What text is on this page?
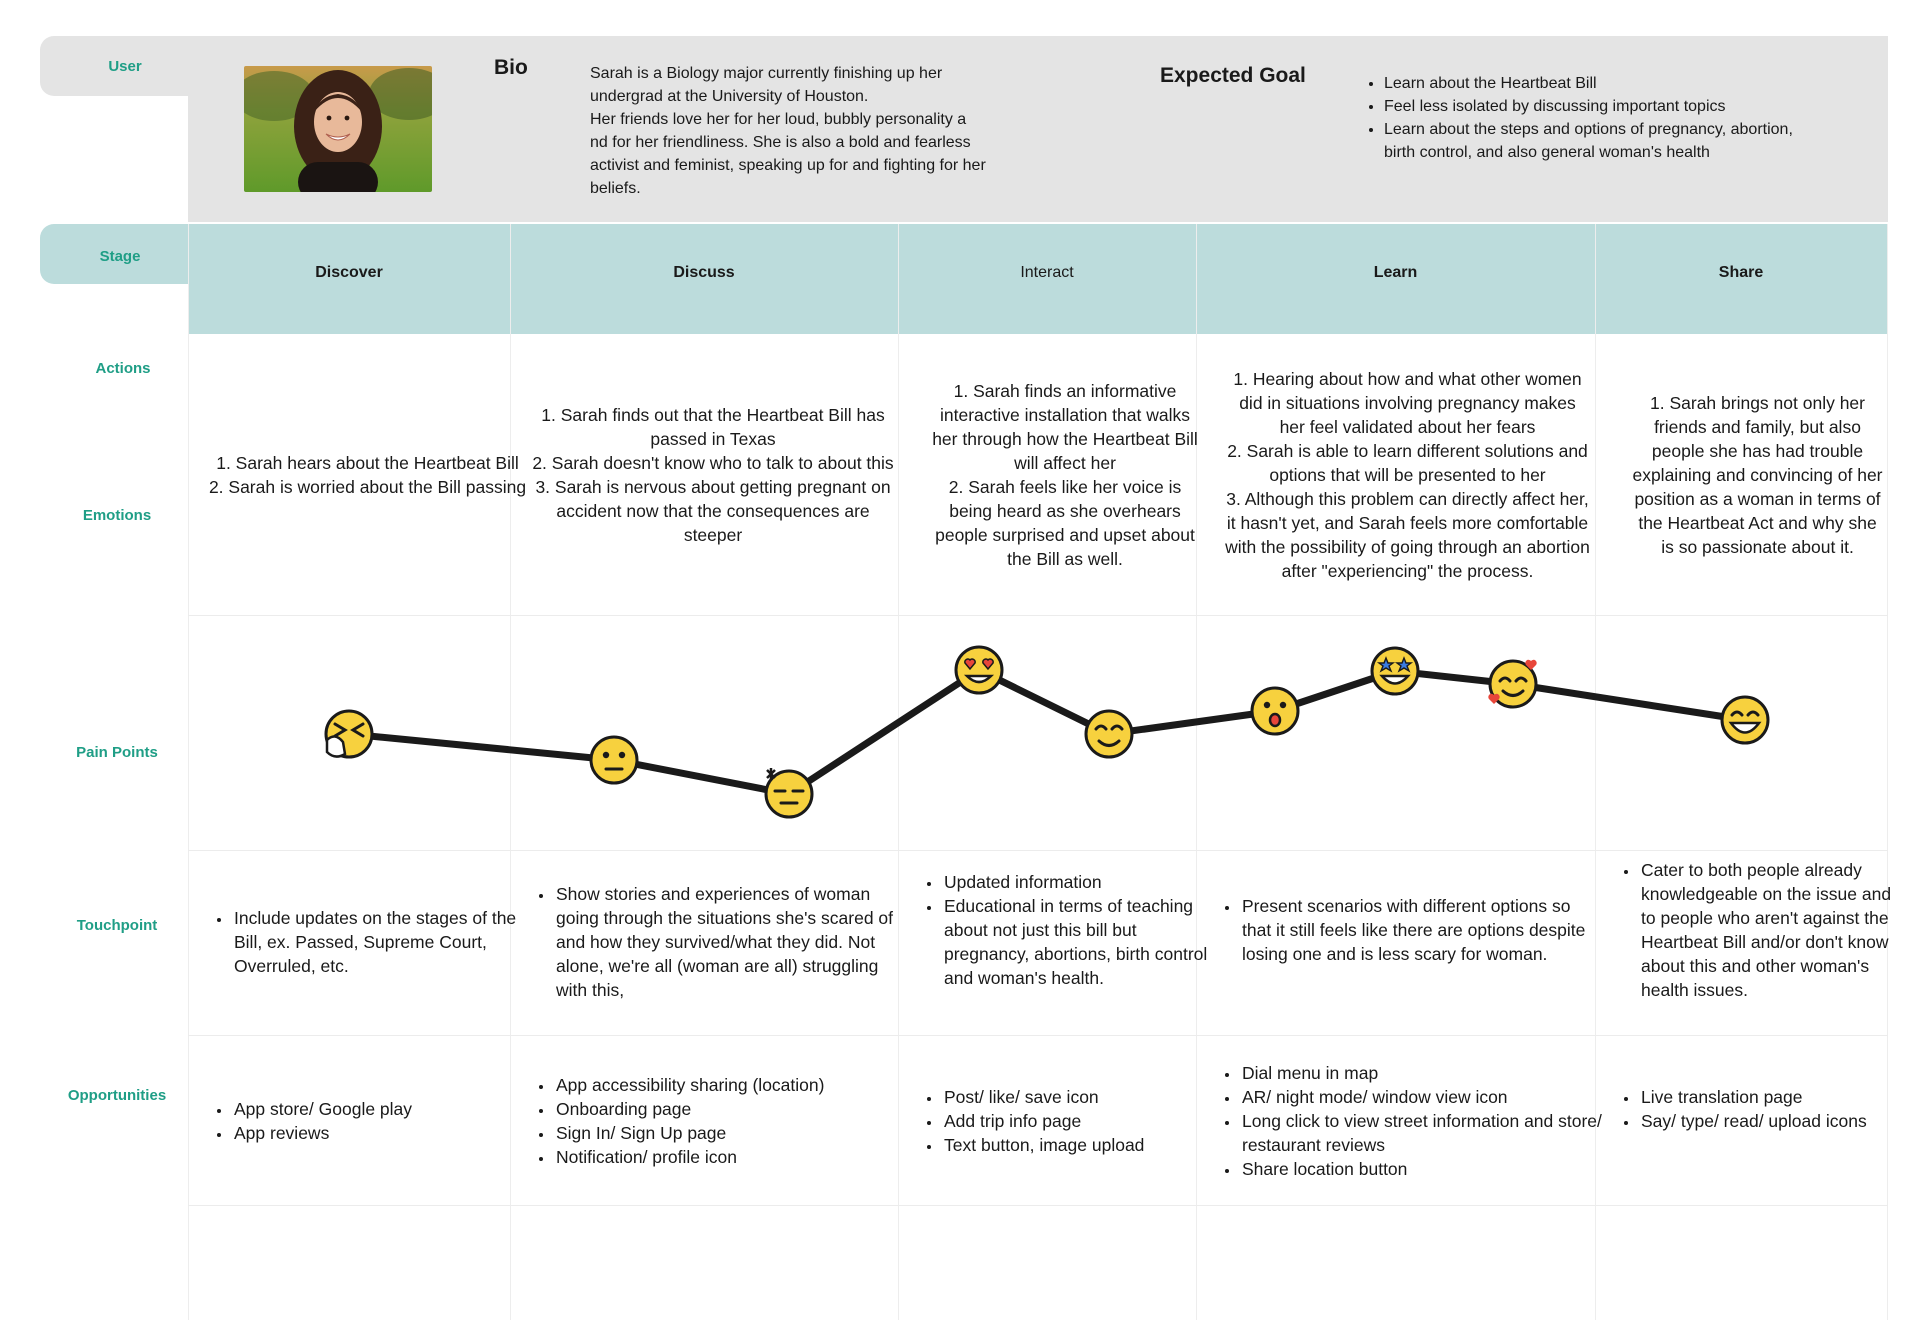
User
Stage
Actions
Emotions
Pain Points
Touchpoint
Opportunities
Bio	Sarah is a Biology major currently finishing up her
undergrad at the University of Houston.
Her friends love her for her loud, bubbly personality a
nd for her friendliness. She is also a bold and fearless
activist and feminist, speaking up for and fighting for her
beliefs.
Expected Goal
•	Learn about the Heartbeat Bill
• Feel less isolated by discussing important topics
• Learn about the steps and options of pregnancy, abortion, birth control, and also general woman's health
Discover	Discuss	Interact	Learn	Share
1. Sarah hears about the Heartbeat Bill
2. Sarah is worried about the Bill passing
1. Sarah finds out that the Heartbeat Bill has passed in Texas
2. Sarah doesn't know who to talk to about this
3. Sarah is nervous about getting pregnant on accident now that the consequences are steeper
1. Sarah finds an informative interactive installation that walks her through how the Heartbeat Bill will affect her
2. Sarah feels like her voice is being heard as she overhears people surprised and upset about the Bill as well.
1. Hearing about how and what other women did in situations involving pregnancy makes her feel validated about her fears
2. Sarah is able to learn different solutions and options that will be presented to her
3. Although this problem can directly affect her, it hasn't yet, and Sarah feels more comfortable with the possibility of going through an abortion after "experiencing" the process.
1. Sarah brings not only her friends and family, but also people she has had trouble explaining and convincing of her position as a woman in terms of the Heartbeat Act and why she is so passionate about it.
• Include updates on the stages of the Bill, ex. Passed, Supreme Court, Overruled, etc.
• Show stories and experiences of woman going through the situations she's scared of and how they survived/what they did. Not alone, we're all (woman are all) struggling with this,
• Updated information
• Educational in terms of teaching about not just this bill but pregnancy, abortions, birth control and woman's health.
• Present scenarios with different options so that it still feels like there are options despite losing one and is less scary for woman.
• Cater to both people already knowledgeable on the issue and to people who aren't against the Heartbeat Bill and/or don't know about this and other woman's health issues.
• App store/ Google play
• App reviews
• App accessibility sharing (location)
• Onboarding page
• Sign In/ Sign Up page
• Notification/ profile icon
• Post/ like/ save icon
• Add trip info page
• Text button, image upload
• Dial menu in map
• AR/ night mode/ window view icon
• Long click to view street information and store/ restaurant reviews
• Share location button
• Live translation page
• Say/ type/ read/ upload icons
